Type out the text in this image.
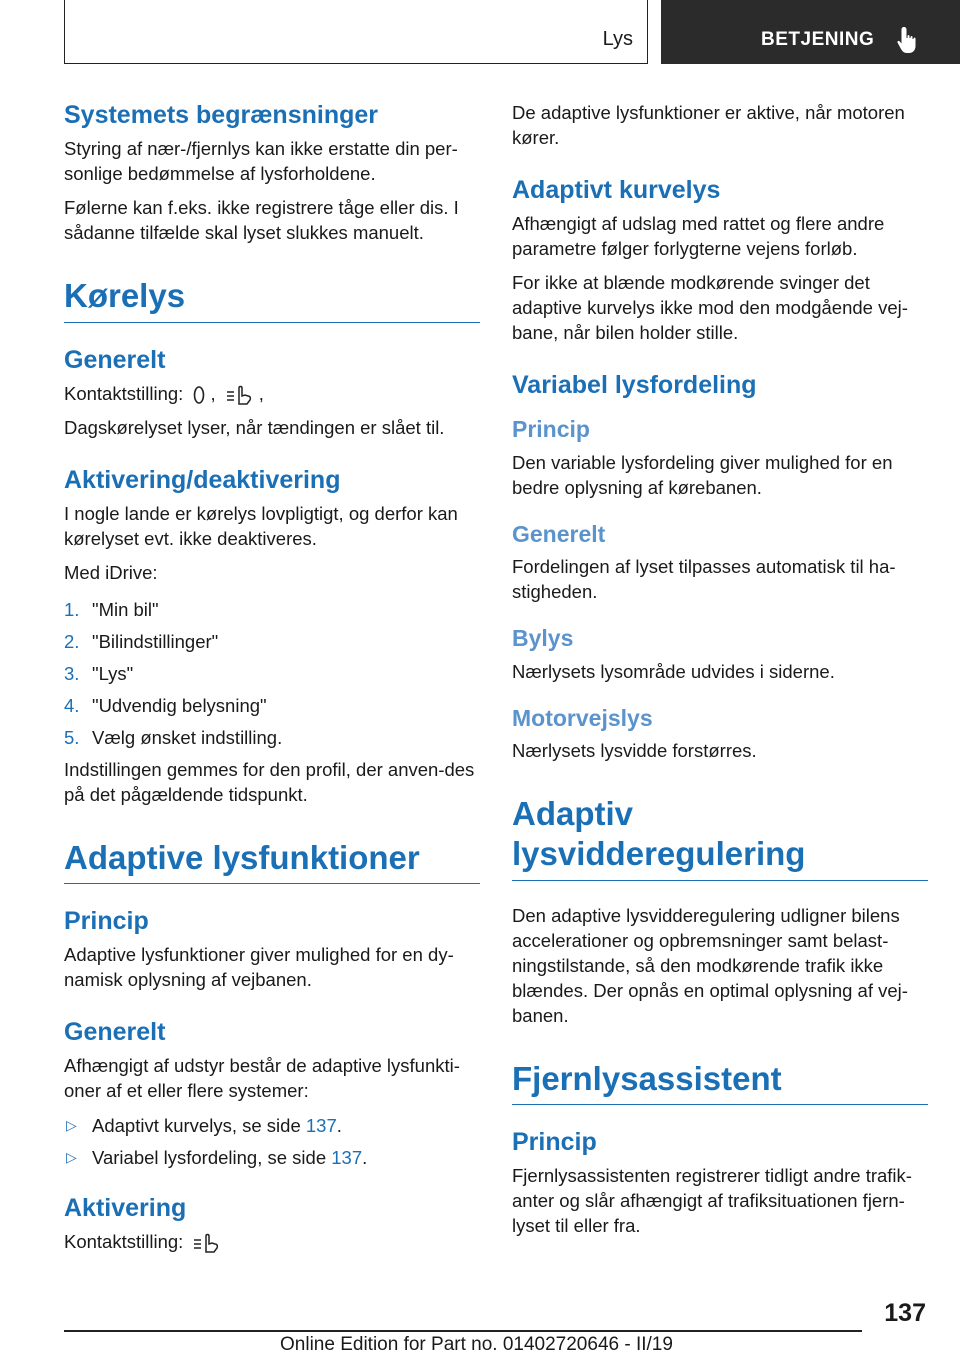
Lys	BETJENING
Systemets begrænsninger

Styring af nær-/fjernlys kan ikke erstatte din per-sonlige bedømmelse af lysforholdene.

Følerne kan f.eks. ikke registrere tåge eller dis. I sådanne tilfælde skal lyset slukkes manuelt.

Kørelys
Generelt

Kontaktstilling: , ,

Dagskørelyset lyser, når tændingen er slået til.

Aktivering/deaktivering

I nogle lande er kørelys lovpligtigt, og derfor kan kørelyset evt. ikke deaktiveres.

Med iDrive:

1. "Min bil"
2. "Bilindstillinger"
3. "Lys"
4. "Udvendig belysning"
5. Vælg ønsket indstilling.

Indstillingen gemmes for den profil, der anven-des på det pågældende tidspunkt.

Adaptive lysfunktioner
Princip

Adaptive lysfunktioner giver mulighed for en dy-namisk oplysning af vejbanen.

Generelt

Afhængigt af udstyr består de adaptive lysfunkti-oner af et eller flere systemer:

▷ Adaptivt kurvelys, se side 137.
▷ Variabel lysfordeling, se side 137.
Aktivering

Kontaktstilling:

De adaptive lysfunktioner er aktive, når motoren kører.

Adaptivt kurvelys

Afhængigt af udslag med rattet og flere andre parametre følger forlygterne vejens forløb.

For ikke at blænde modkørende svinger det adaptive kurvelys ikke mod den modgående vej-bane, når bilen holder stille.

Variabel lysfordeling
Princip

Den variable lysfordeling giver mulighed for en bedre oplysning af kørebanen.

Generelt

Fordelingen af lyset tilpasses automatisk til ha-stigheden.

Bylys

Nærlysets lysområde udvides i siderne.

Motorvejslys

Nærlysets lysvidde forstørres.

Adaptiv lysvidderegulering

Den adaptive lysvidderegulering udligner bilens accelerationer og opbremsninger samt belast-ningstilstande, så den modkørende trafik ikke blændes. Der opnås en optimal oplysning af vej-banen.

Fjernlysassistent
Princip

Fjernlysassistenten registrerer tidligt andre trafik-anter og slår afhængigt af trafiksituationen fjern-lyset til eller fra.

137
Online Edition for Part no. 01402720646 - II/19
